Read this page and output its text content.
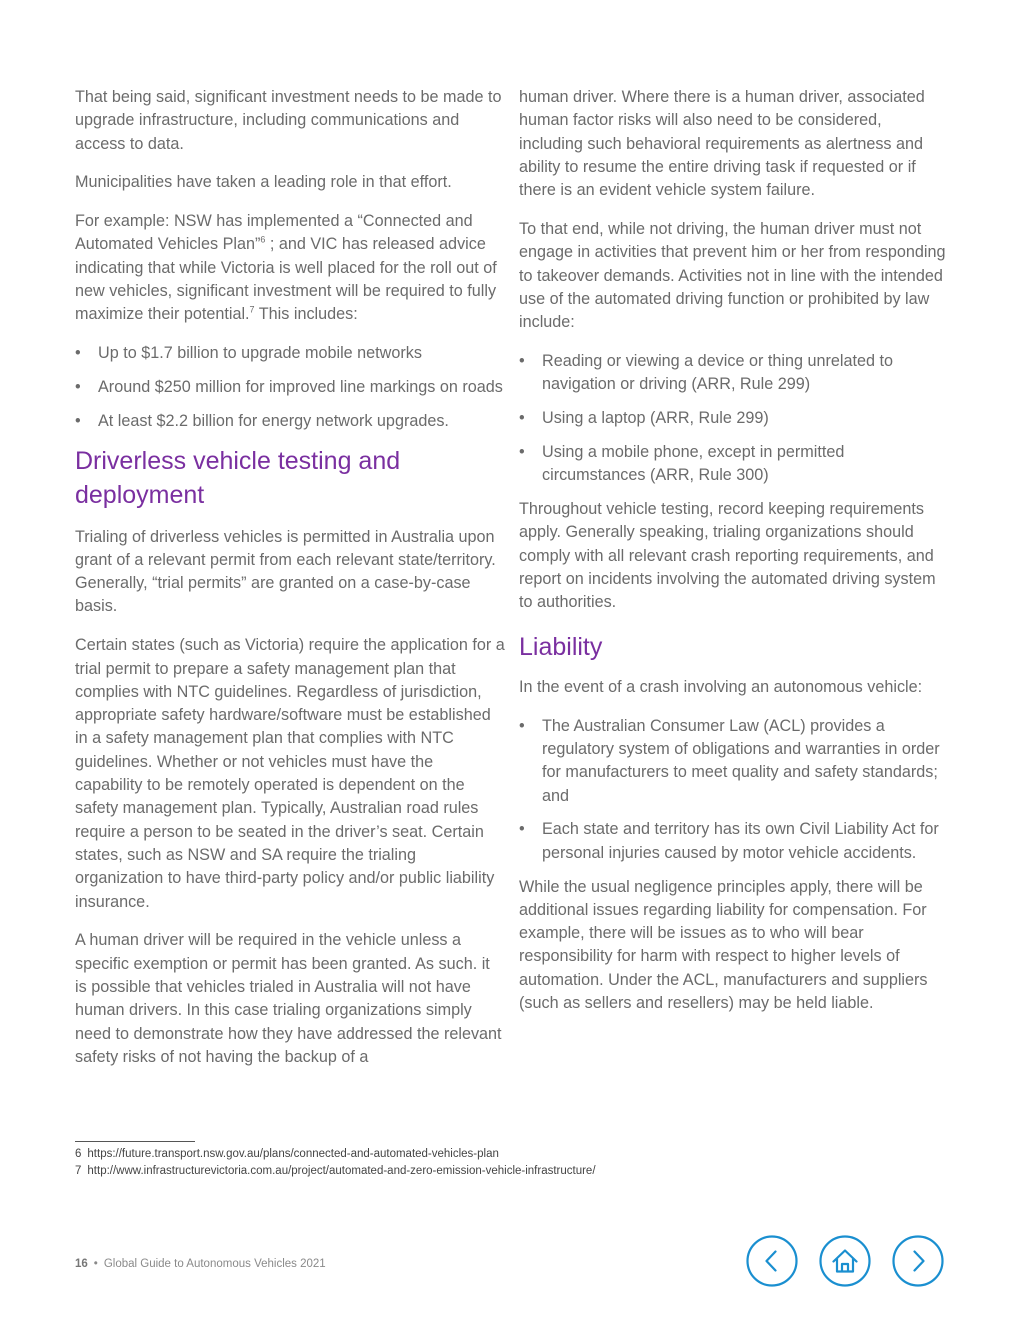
That being said, significant investment needs to be made to upgrade infrastructure, including communications and access to data.

Municipalities have taken a leading role in that effort.

For example: NSW has implemented a “Connected and Automated Vehicles Plan”$^6$ ; and VIC has released advice indicating that while Victoria is well placed for the roll out of new vehicles, significant investment will be required to fully maximize their potential.$^7$ This includes:

• Up to $1.7 billion to upgrade mobile networks
• Around $250 million for improved line markings on roads
• At least $2.2 billion for energy network upgrades.
Driverless vehicle testing and deployment

Trialing of driverless vehicles is permitted in Australia upon grant of a relevant permit from each relevant state/territory. Generally, “trial permits” are granted on a case-by-case basis.

Certain states (such as Victoria) require the application for a trial permit to prepare a safety management plan that complies with NTC guidelines. Regardless of jurisdiction, appropriate safety hardware/software must be established in a safety management plan that complies with NTC guidelines. Whether or not vehicles must have the capability to be remotely operated is dependent on the safety management plan. Typically, Australian road rules require a person to be seated in the driver’s seat. Certain states, such as NSW and SA require the trialing organization to have third-party policy and/or public liability insurance.

A human driver will be required in the vehicle unless a specific exemption or permit has been granted. As such. it is possible that vehicles trialed in Australia will not have human drivers. In this case trialing organizations simply need to demonstrate how they have addressed the relevant safety risks of not having the backup of a

human driver. Where there is a human driver, associated human factor risks will also need to be considered, including such behavioral requirements as alertness and ability to resume the entire driving task if requested or if there is an evident vehicle system failure.

To that end, while not driving, the human driver must not engage in activities that prevent him or her from responding to takeover demands. Activities not in line with the intended use of the automated driving function or prohibited by law include:

• Reading or viewing a device or thing unrelated to navigation or driving (ARR, Rule 299)
• Using a laptop (ARR, Rule 299)
• Using a mobile phone, except in permitted circumstances (ARR, Rule 300)

Throughout vehicle testing, record keeping requirements apply. Generally speaking, trialing organizations should comply with all relevant crash reporting requirements, and report on incidents involving the automated driving system to authorities.

Liability

In the event of a crash involving an autonomous vehicle:

• The Australian Consumer Law (ACL) provides a regulatory system of obligations and warranties in order for manufacturers to meet quality and safety standards; and
• Each state and territory has its own Civil Liability Act for personal injuries caused by motor vehicle accidents.

While the usual negligence principles apply, there will be additional issues regarding liability for compensation. For example, there will be issues as to who will bear responsibility for harm with respect to higher levels of automation. Under the ACL, manufacturers and suppliers (such as sellers and resellers) may be held liable.

6 https://future.transport.nsw.gov.au/plans/connected-and-automated-vehicles-plan
7 http://www.infrastructurevictoria.com.au/project/automated-and-zero-emission-vehicle-infrastructure/
16 • Global Guide to Autonomous Vehicles 2021
